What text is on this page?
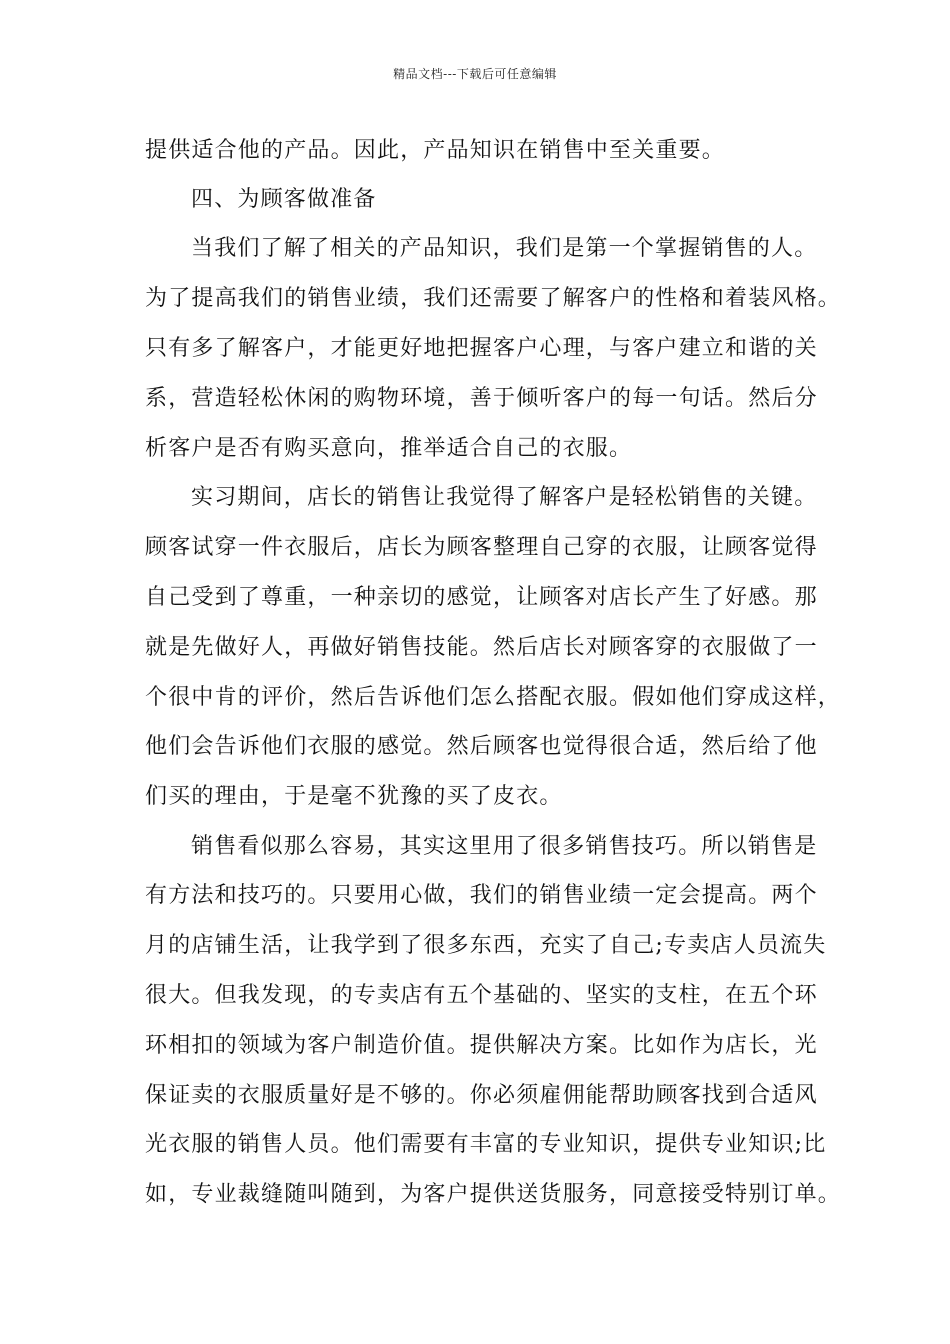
精品文档---下载后可任意编辑
提供适合他的产品。因此，产品知识在销售中至关重要。
四、为顾客做准备
当我们了解了相关的产品知识，我们是第一个掌握销售的人。
为了提高我们的销售业绩，我们还需要了解客户的性格和着装风格。
只有多了解客户，才能更好地把握客户心理，与客户建立和谐的关
系，营造轻松休闲的购物环境，善于倾听客户的每一句话。然后分
析客户是否有购买意向，推举适合自己的衣服。
实习期间，店长的销售让我觉得了解客户是轻松销售的关键。
顾客试穿一件衣服后，店长为顾客整理自己穿的衣服，让顾客觉得
自己受到了尊重，一种亲切的感觉，让顾客对店长产生了好感。那
就是先做好人，再做好销售技能。然后店长对顾客穿的衣服做了一
个很中肯的评价，然后告诉他们怎么搭配衣服。假如他们穿成这样，
他们会告诉他们衣服的感觉。然后顾客也觉得很合适，然后给了他
们买的理由，于是毫不犹豫的买了皮衣。
销售看似那么容易，其实这里用了很多销售技巧。所以销售是
有方法和技巧的。只要用心做，我们的销售业绩一定会提高。两个
月的店铺生活，让我学到了很多东西，充实了自己;专卖店人员流失
很大。但我发现，的专卖店有五个基础的、坚实的支柱，在五个环
环相扣的领域为客户制造价值。提供解决方案。比如作为店长，光
保证卖的衣服质量好是不够的。你必须雇佣能帮助顾客找到合适风
光衣服的销售人员。他们需要有丰富的专业知识，提供专业知识;比
如，专业裁缝随叫随到，为客户提供送货服务，同意接受特别订单。
